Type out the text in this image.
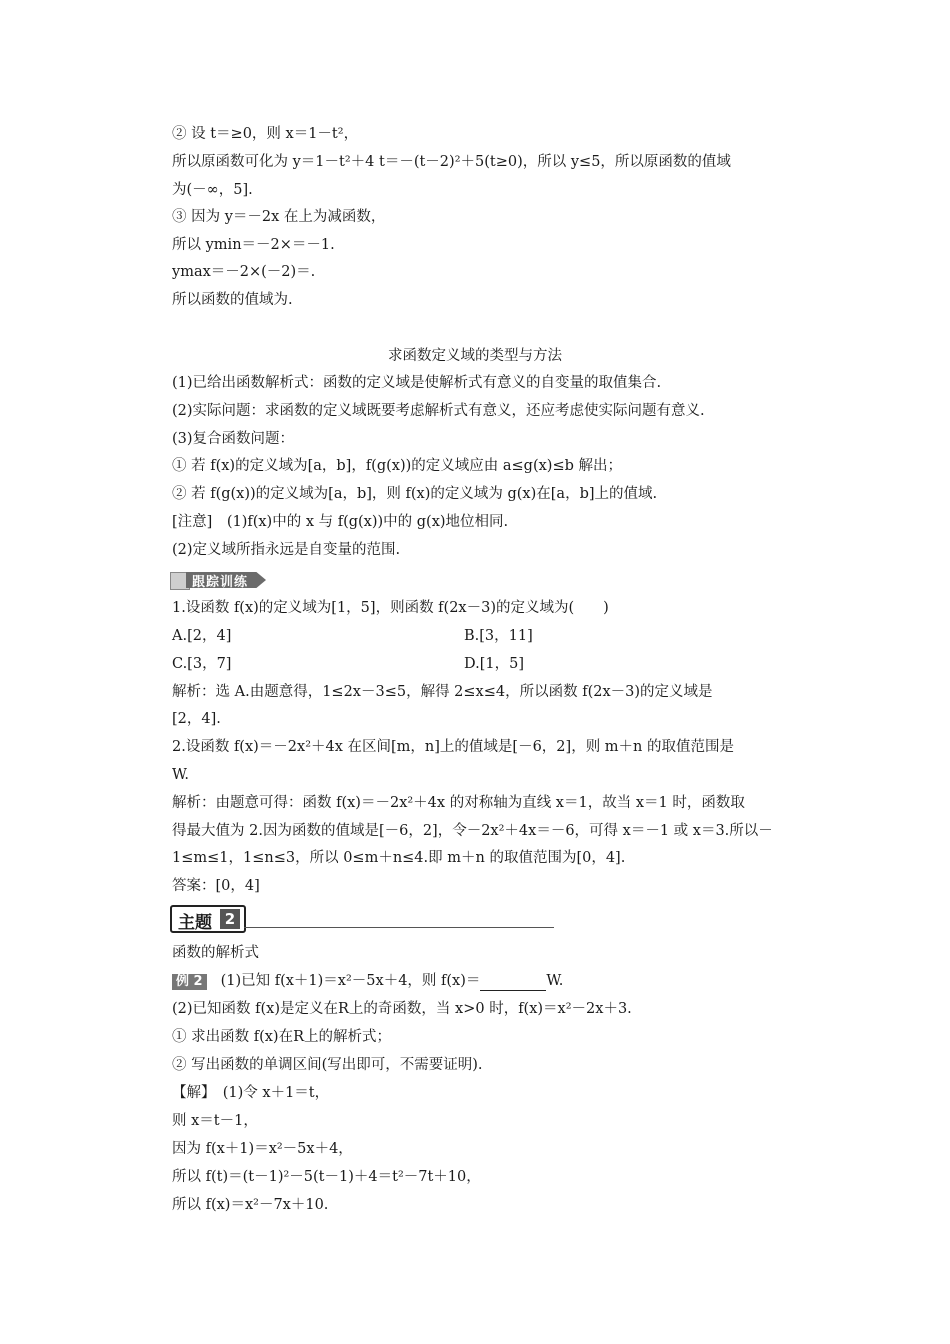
② 设 t＝≥0，则 x＝1－t²，
所以原函数可化为 y＝1－t²＋4 t＝－(t－2)²＋5(t≥0)，所以 y≤5，所以原函数的值域
为(－∞，5].
③ 因为 y＝－2x 在上为减函数，
所以 ymin＝－2×＝－1.
ymax＝－2×(－2)＝.
所以函数的值域为.
求函数定义域的类型与方法
(1)已给出函数解析式：函数的定义域是使解析式有意义的自变量的取值集合.
(2)实际问题：求函数的定义域既要考虑解析式有意义，还应考虑使实际问题有意义.
(3)复合函数问题：
① 若 f(x)的定义域为[a，b]，f(g(x))的定义域应由 a≤g(x)≤b 解出；
② 若 f(g(x))的定义域为[a，b]，则 f(x)的定义域为 g(x)在[a，b]上的值域.
[注意]　(1)f(x)中的 x 与 f(g(x))中的 g(x)地位相同.
(2)定义域所指永远是自变量的范围.
跟踪训练
1.设函数 f(x)的定义域为[1，5]，则函数 f(2x－3)的定义域为(　　)
A.[2，4]	B.[3，11]
C.[3，7]	D.[1，5]
解析：选 A.由题意得，1≤2x－3≤5，解得 2≤x≤4，所以函数 f(2x－3)的定义域是
[2，4].
2.设函数 f(x)＝－2x²＋4x 在区间[m，n]上的值域是[－6，2]，则 m＋n 的取值范围是
W.
解析：由题意可得：函数 f(x)＝－2x²＋4x 的对称轴为直线 x＝1，故当 x＝1 时，函数取
得最大值为 2.因为函数的值域是[－6，2]，令－2x²＋4x＝－6，可得 x＝－1 或 x＝3.所以－
1≤m≤1，1≤n≤3，所以 0≤m＋n≤4.即 m＋n 的取值范围为[0，4].
答案：[0，4]
主题 2
函数的解析式
例 2 (1)已知 f(x＋1)＝x²－5x＋4，则 f(x)＝	W.
(2)已知函数 f(x)是定义在R上的奇函数，当 x>0 时，f(x)＝x²－2x＋3.
① 求出函数 f(x)在R上的解析式；
② 写出函数的单调区间(写出即可，不需要证明).
【解】　(1)令 x＋1＝t，
则 x＝t－1，
因为 f(x＋1)＝x²－5x＋4，
所以 f(t)＝(t－1)²－5(t－1)＋4＝t²－7t＋10，
所以 f(x)＝x²－7x＋10.
